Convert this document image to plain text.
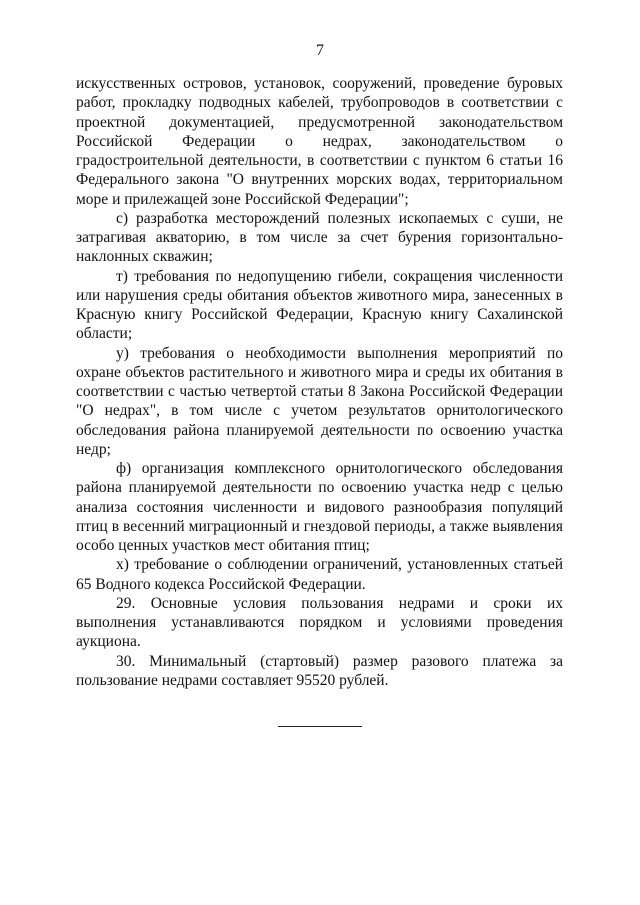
7

искусственных островов, установок, сооружений, проведение буровых работ, прокладку подводных кабелей, трубопроводов в соответствии с проектной документацией, предусмотренной законодательством Российской Федерации о недрах, законодательством о градостроительной деятельности, в соответствии с пунктом 6 статьи 16 Федерального закона "О внутренних морских водах, территориальном море и прилежащей зоне Российской Федерации";

с) разработка месторождений полезных ископаемых с суши, не затрагивая акваторию, в том числе за счет бурения горизонтально-наклонных скважин;

т) требования по недопущению гибели, сокращения численности или нарушения среды обитания объектов животного мира, занесенных в Красную книгу Российской Федерации, Красную книгу Сахалинской области;

у) требования о необходимости выполнения мероприятий по охране объектов растительного и животного мира и среды их обитания в соответствии с частью четвертой статьи 8 Закона Российской Федерации "О недрах", в том числе с учетом результатов орнитологического обследования района планируемой деятельности по освоению участка недр;

ф) организация комплексного орнитологического обследования района планируемой деятельности по освоению участка недр с целью анализа состояния численности и видового разнообразия популяций птиц в весенний миграционный и гнездовой периоды, а также выявления особо ценных участков мест обитания птиц;

х) требование о соблюдении ограничений, установленных статьей 65 Водного кодекса Российской Федерации.

29. Основные условия пользования недрами и сроки их выполнения устанавливаются порядком и условиями проведения аукциона.

30. Минимальный (стартовый) размер разового платежа за пользование недрами составляет 95520 рублей.
